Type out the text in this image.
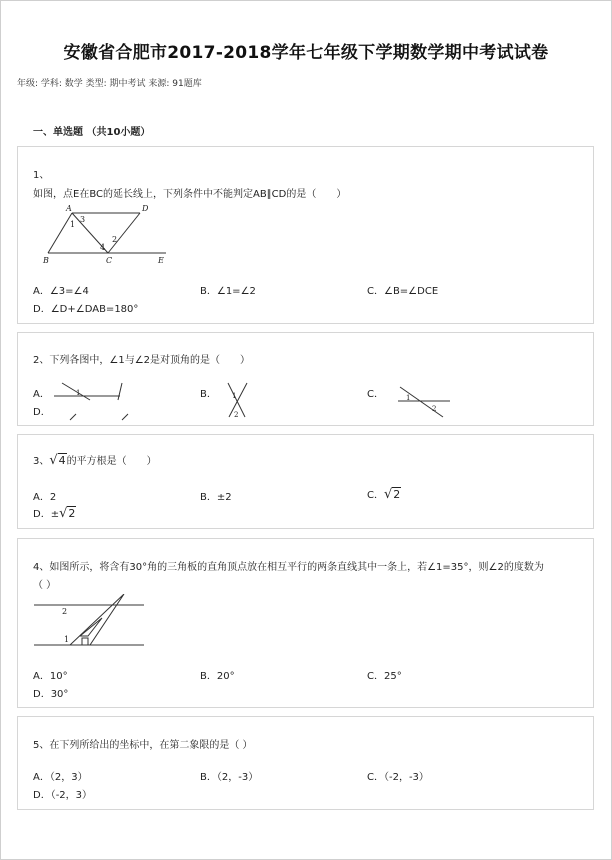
安徽省合肥市2017-2018学年七年级下学期数学期中考试试卷
年级: 学科: 数学 类型: 期中考试 来源: 91题库
一、单选题 （共10小题）
1、
如图，点E在BC的延长线上，下列条件中不能判定AB∥CD的是（　　）
A	D
3
1
2
4
B	C	E
A．∠3=∠4	B．∠1=∠2	C．∠B=∠DCE
D．∠D+∠DAB=180°
2、下列各图中，∠1与∠2是对顶角的是（　　）
A．	1	B． 1
2
C．	1
2
D．
3、√4的平方根是（　　）
A．2	B．±2	C．√2
D．±√2
4、如图所示，将含有30°角的三角板的直角顶点放在相互平行的两条直线其中一条上，若∠1=35°，则∠2的度数为
（ ）
2
1
A．10°	B．20°	C．25°
D．30°
5、在下列所给出的坐标中，在第二象限的是（ ）
A．（2，3）	B．（2，-3）	C．（-2，-3）
D．（-2，3）
